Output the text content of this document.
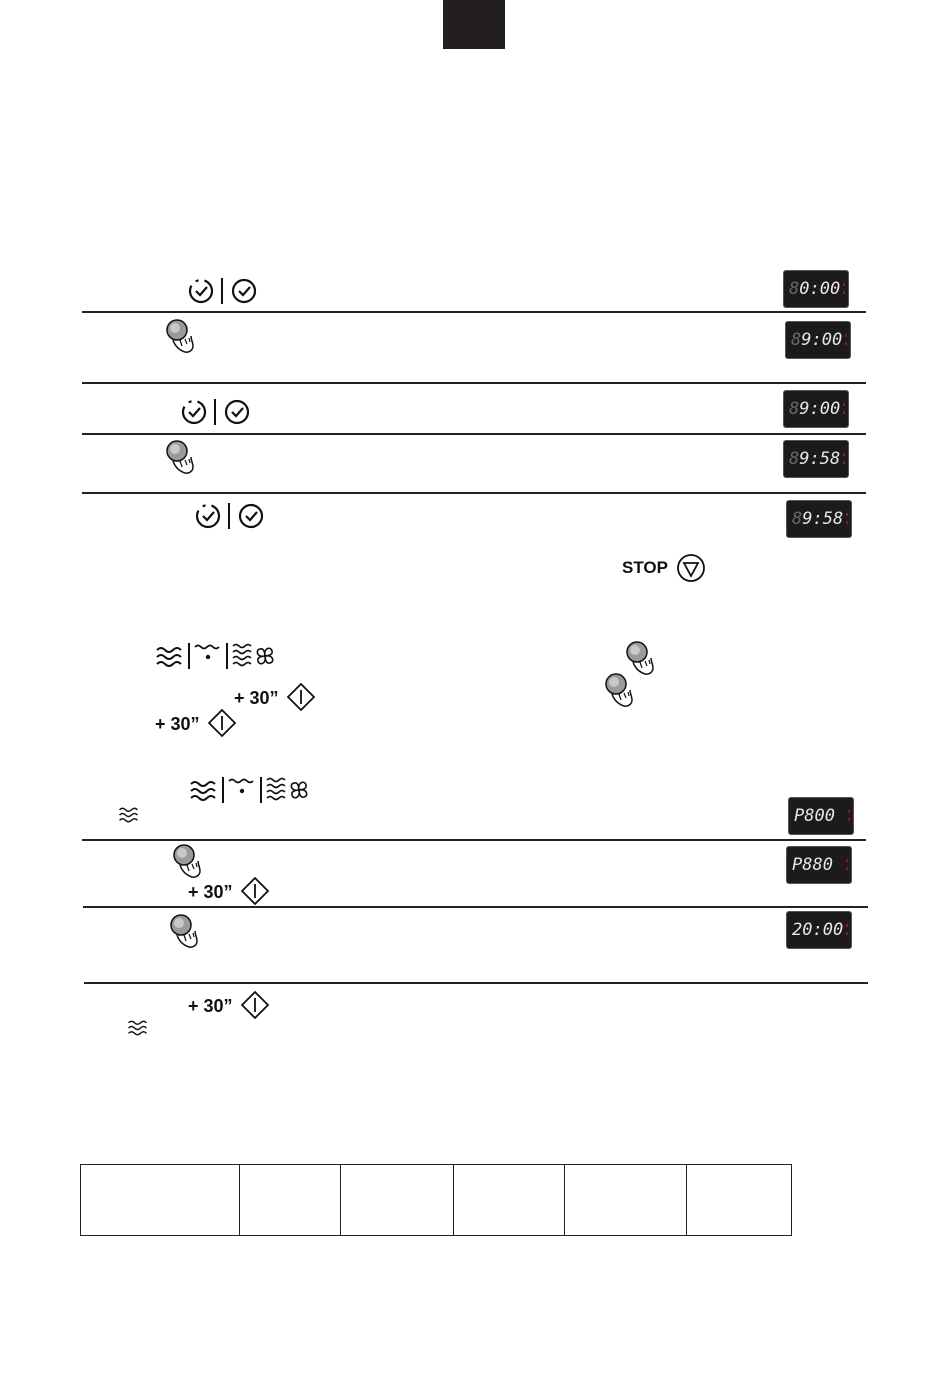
80:00
89:00
89:00
89:58
89:58
STOP
+ 30”
+ 30”
P800
P880
+ 30”
20:00
+ 30”
